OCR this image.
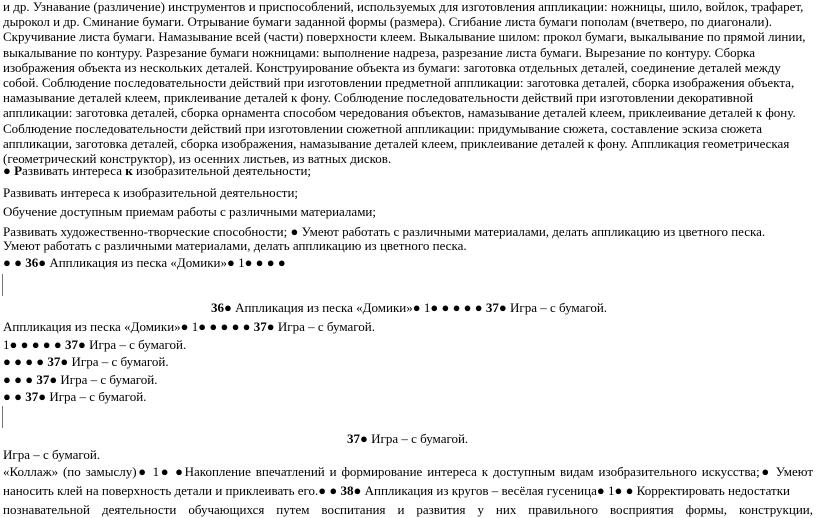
и др. Узнавание (различение) инструментов и приспособлений, используемых для изготовления аппликации: ножницы, шило, войлок, трафарет, дырокол и др. Сминание бумаги. Отрывание бумаги заданной формы (размера). Сгибание листа бумаги пополам (вчетверо, по диагонали). Скручивание листа бумаги. Намазывание всей (части) поверхности клеем. Выкалывание шилом: прокол бумаги, выкалывание по прямой линии, выкалывание по контуру. Разрезание бумаги ножницами: выполнение надреза, разрезание листа бумаги. Вырезание по контуру. Сборка изображения объекта из нескольких деталей. Конструирование объекта из бумаги: заготовка отдельных деталей, соединение деталей между собой. Соблюдение последовательности действий при изготовлении предметной аппликации: заготовка деталей, сборка изображения объекта, намазывание деталей клеем, приклеивание деталей к фону. Соблюдение последовательности действий при изготовлении декоративной аппликации: заготовка деталей, сборка орнамента способом чередования объектов, намазывание деталей клеем, приклеивание деталей к фону. Соблюдение последовательности действий при изготовлении сюжетной аппликации: придумывание сюжета, составление эскиза сюжета аппликации, заготовка деталей, сборка изображения, намазывание деталей клеем, приклеивание деталей к фону. Аппликация геометрическая (геометрический конструктор), из осенних листьев, из ватных дисков.

● Развивать интереса к изобразительной деятельности;
Развивать интереса к изобразительной деятельности;
Обучение доступным приемам работы с различными материалами;
Развивать художественно-творческие способности; ● Умеют работать с различными материалами, делать аппликацию из цветного песка.
Умеют работать с различными материалами, делать аппликацию из цветного песка.
● ● 36● Аппликация из песка «Домики»● 1● ● ● ●
36● Аппликация из песка «Домики»● 1● ● ● ● ● 37● Игра – с бумагой.
Аппликация из песка «Домики»● 1● ● ● ● ● 37● Игра – с бумагой.
1● ● ● ● ● 37● Игра – с бумагой.
● ● ● ● 37● Игра – с бумагой.
● ● ● 37● Игра – с бумагой.
● ● 37● Игра – с бумагой.
37● Игра – с бумагой.
Игра – с бумагой.
«Коллаж» (по замыслу)● 1● ●Накопление впечатлений и формирование интереса к доступным видам изобразительного искусства;● Умеют
наносить клей на поверхность детали и приклеивать его.● ● 38● Аппликация из кругов – весёлая гусеница● 1● ● Корректировать недостатки
познавательной деятельности обучающихся путем воспитания и развития у них правильного восприятия формы, конструкции,
